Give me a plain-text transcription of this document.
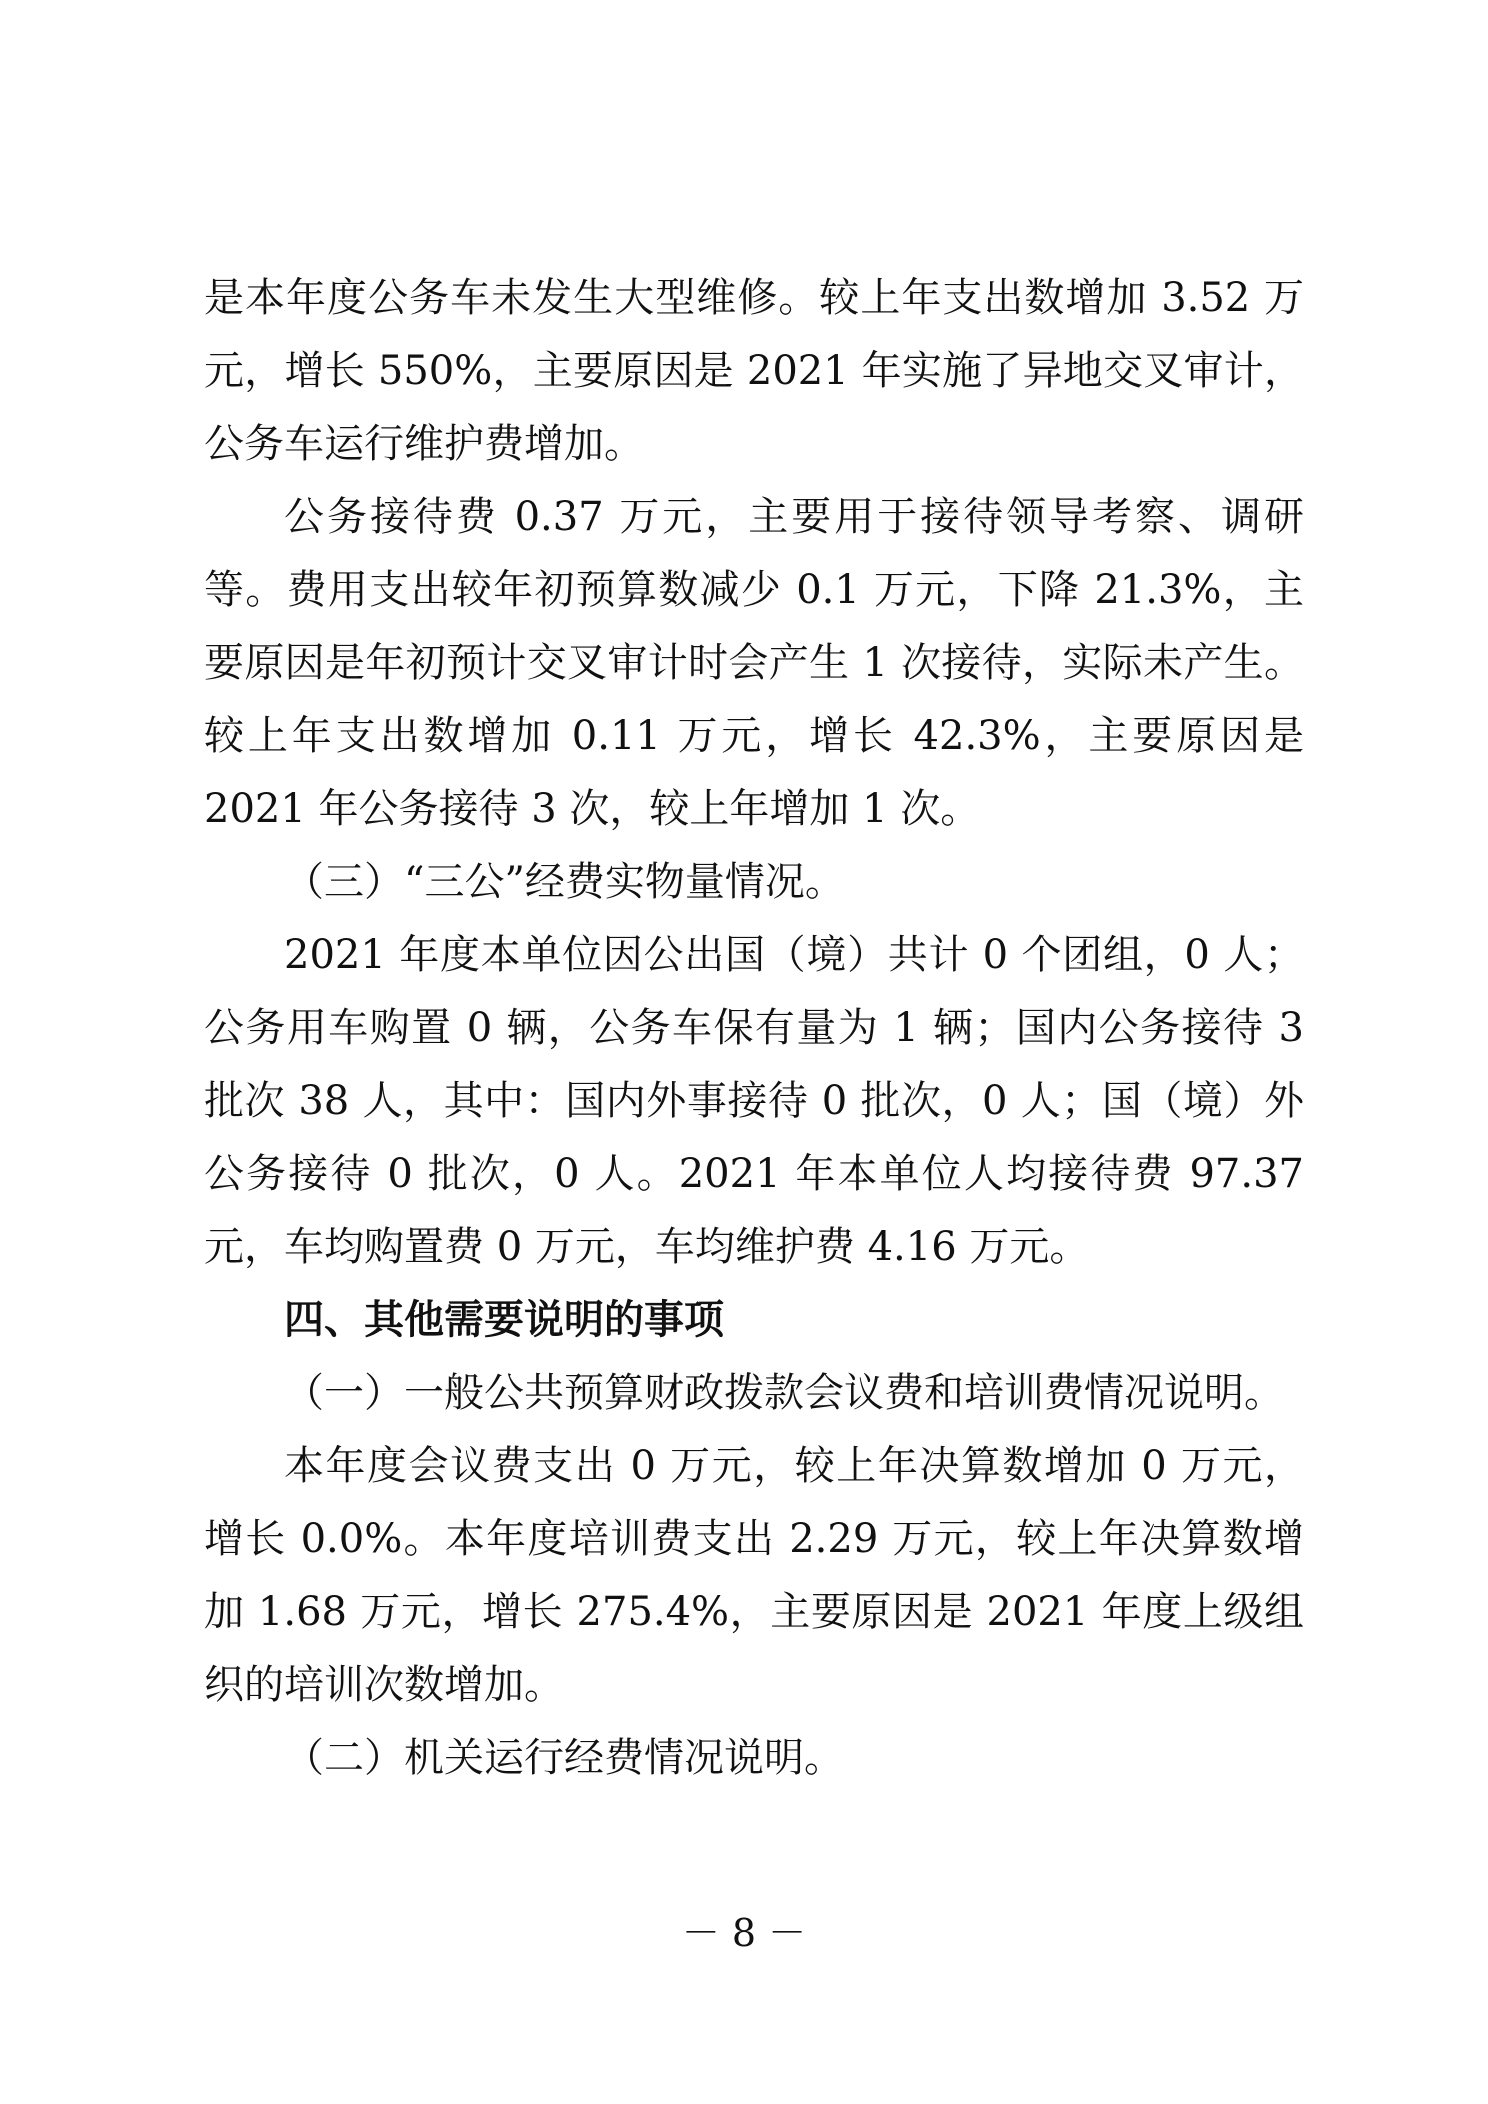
是本年度公务车未发生大型维修。较上年支出数增加 3.52 万元，增长 550%，主要原因是 2021 年实施了异地交叉审计，公务车运行维护费增加。

公务接待费 0.37 万元，主要用于接待领导考察、调研等。费用支出较年初预算数减少 0.1 万元，下降 21.3%，主要原因是年初预计交叉审计时会产生 1 次接待，实际未产生。较上年支出数增加 0.11 万元，增长 42.3%，主要原因是 2021 年公务接待 3 次，较上年增加 1 次。

（三）“三公”经费实物量情况。

2021 年度本单位因公出国（境）共计 0 个团组，0 人；公务用车购置 0 辆，公务车保有量为 1 辆；国内公务接待 3 批次 38 人，其中：国内外事接待 0 批次，0 人；国（境）外公务接待 0 批次，0 人。2021 年本单位人均接待费 97.37 元，车均购置费 0 万元，车均维护费 4.16 万元。

四、其他需要说明的事项

（一）一般公共预算财政拨款会议费和培训费情况说明。

本年度会议费支出 0 万元，较上年决算数增加 0 万元，增长 0.0%。本年度培训费支出 2.29 万元，较上年决算数增加 1.68 万元，增长 275.4%，主要原因是 2021 年度上级组织的培训次数增加。

（二）机关运行经费情况说明。

－ 8 －
